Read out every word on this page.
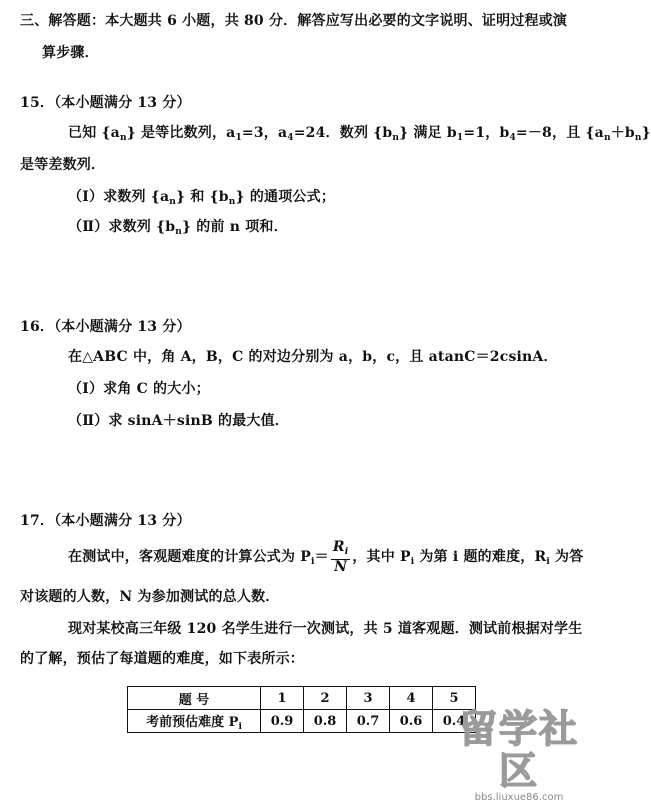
三、解答题：本大题共 6 小题，共 80 分．解答应写出必要的文字说明、证明过程或演
算步骤．
15．（本小题满分 13 分）
已知 $\{a_n\}$ 是等比数列，$a_1=3$，$a_4=24$．数列 $\{b_n\}$ 满足 $b_1=1$，$b_4=-8$，且 $\{a_n+b_n\}$
是等差数列．
（Ⅰ）求数列 $\{a_n\}$ 和 $\{b_n\}$ 的通项公式；
（Ⅱ）求数列 $\{b_n\}$ 的前 n 项和．
16．（本小题满分 13 分）
在△ABC 中，角 A，B，C 的对边分别为 a，b，c，且 atanC＝2csinA．
（Ⅰ）求角 C 的大小；
（Ⅱ）求 sinA＋sinB 的最大值．
17．（本小题满分 13 分）
在测试中，客观题难度的计算公式为 $P_i= \frac{R_i}{N}$ ，其中 $P_i$ 为第 i 题的难度，$R_i$ 为答
对该题的人数，N 为参加测试的总人数．
现对某校高三年级 120 名学生进行一次测试，共 5 道客观题．测试前根据对学生
的了解，预估了每道题的难度，如下表所示：
题 号	1	2	3	4	5
考前预估难度 $P_i$	0.9	0.8	0.7	0.6	0.4
留学社区
bbs.liuxue86.com
